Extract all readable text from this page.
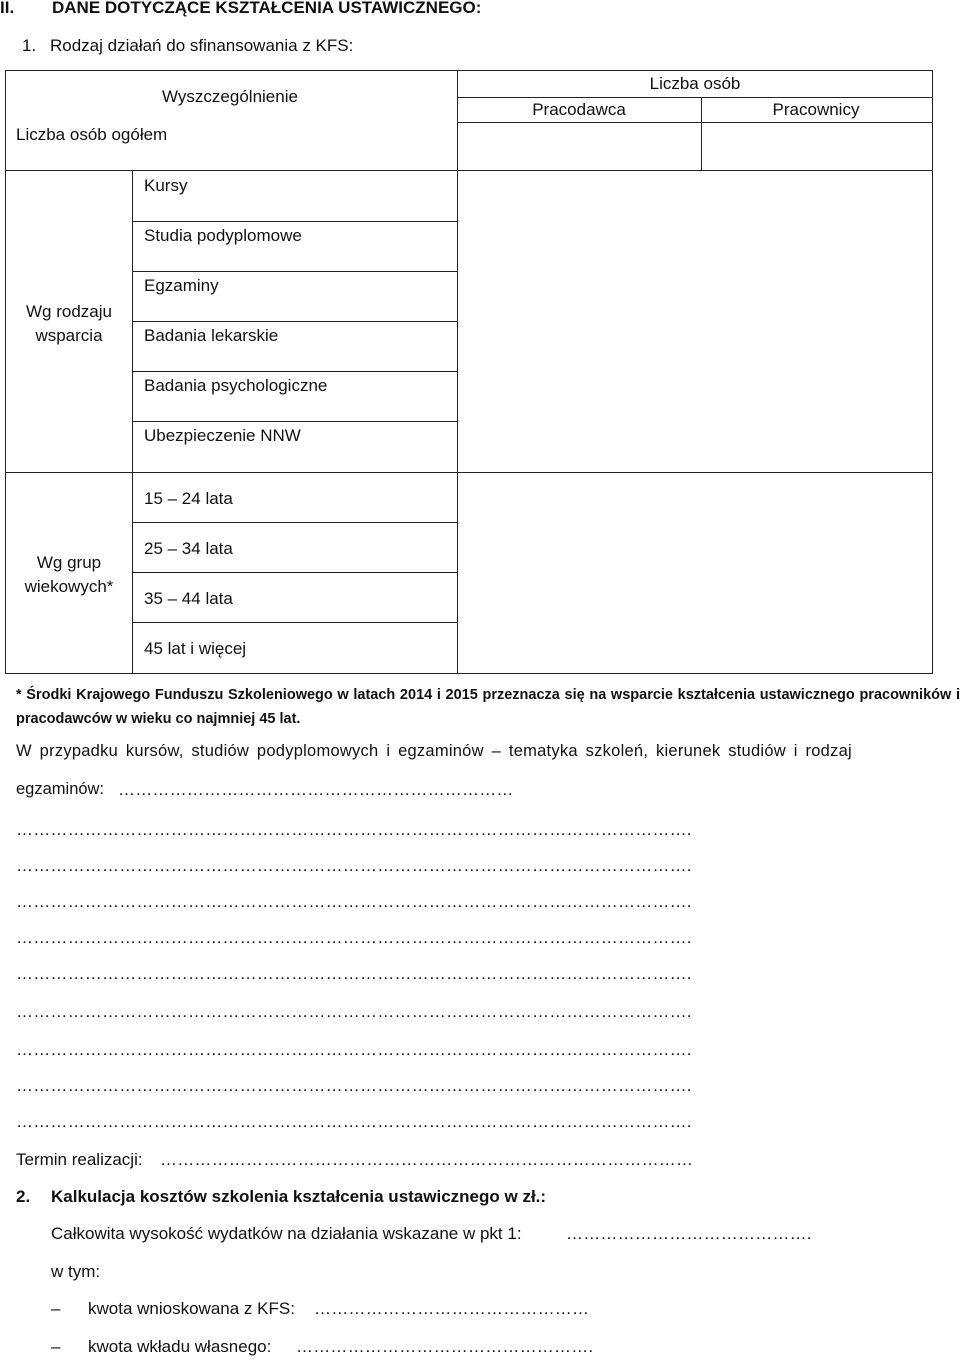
II. DANE DOTYCZĄCE KSZTAŁCENIA USTAWICZNEGO:
1. Rodzaj działań do sfinansowania z KFS:
Wyszczególnienie
Liczba osób ogółem
Liczba osób
Pracodawca	Pracownicy
Wg rodzaju wsparcia
Wg grup wiekowych*
Kursy
Studia podyplomowe
Egzaminy
Badania lekarskie
Badania psychologiczne
Ubezpieczenie NNW
15 – 24 lata
25 – 34 lata
35 – 44 lata
45 lat i więcej
* Środki Krajowego Funduszu Szkoleniowego w latach 2014 i 2015 przeznacza się na wsparcie kształcenia ustawicznego pracowników i pracodawców w wieku co najmniej 45 lat.
W przypadku kursów, studiów podyplomowych i egzaminów – tematyka szkoleń, kierunek studiów i rodzaj
egzaminów: ……………………………………………………………
……………………………………………………………………………………………………….
……………………………………………………………………………………………………….
……………………………………………………………………………………………………….
……………………………………………………………………………………………………….
……………………………………………………………………………………………………….
……………………………………………………………………………………………………….
……………………………………………………………………………………………………….
……………………………………………………………………………………………………….
……………………………………………………………………………………………………….
Termin realizacji: …………………………………………………………………………………
2. Kalkulacja kosztów szkolenia kształcenia ustawicznego w zł.:
Całkowita wysokość wydatków na działania wskazane w pkt 1:	…………………………………….
w tym:
– kwota wnioskowana z KFS: …………………………………………
– kwota wkładu własnego: …………………………………………….
